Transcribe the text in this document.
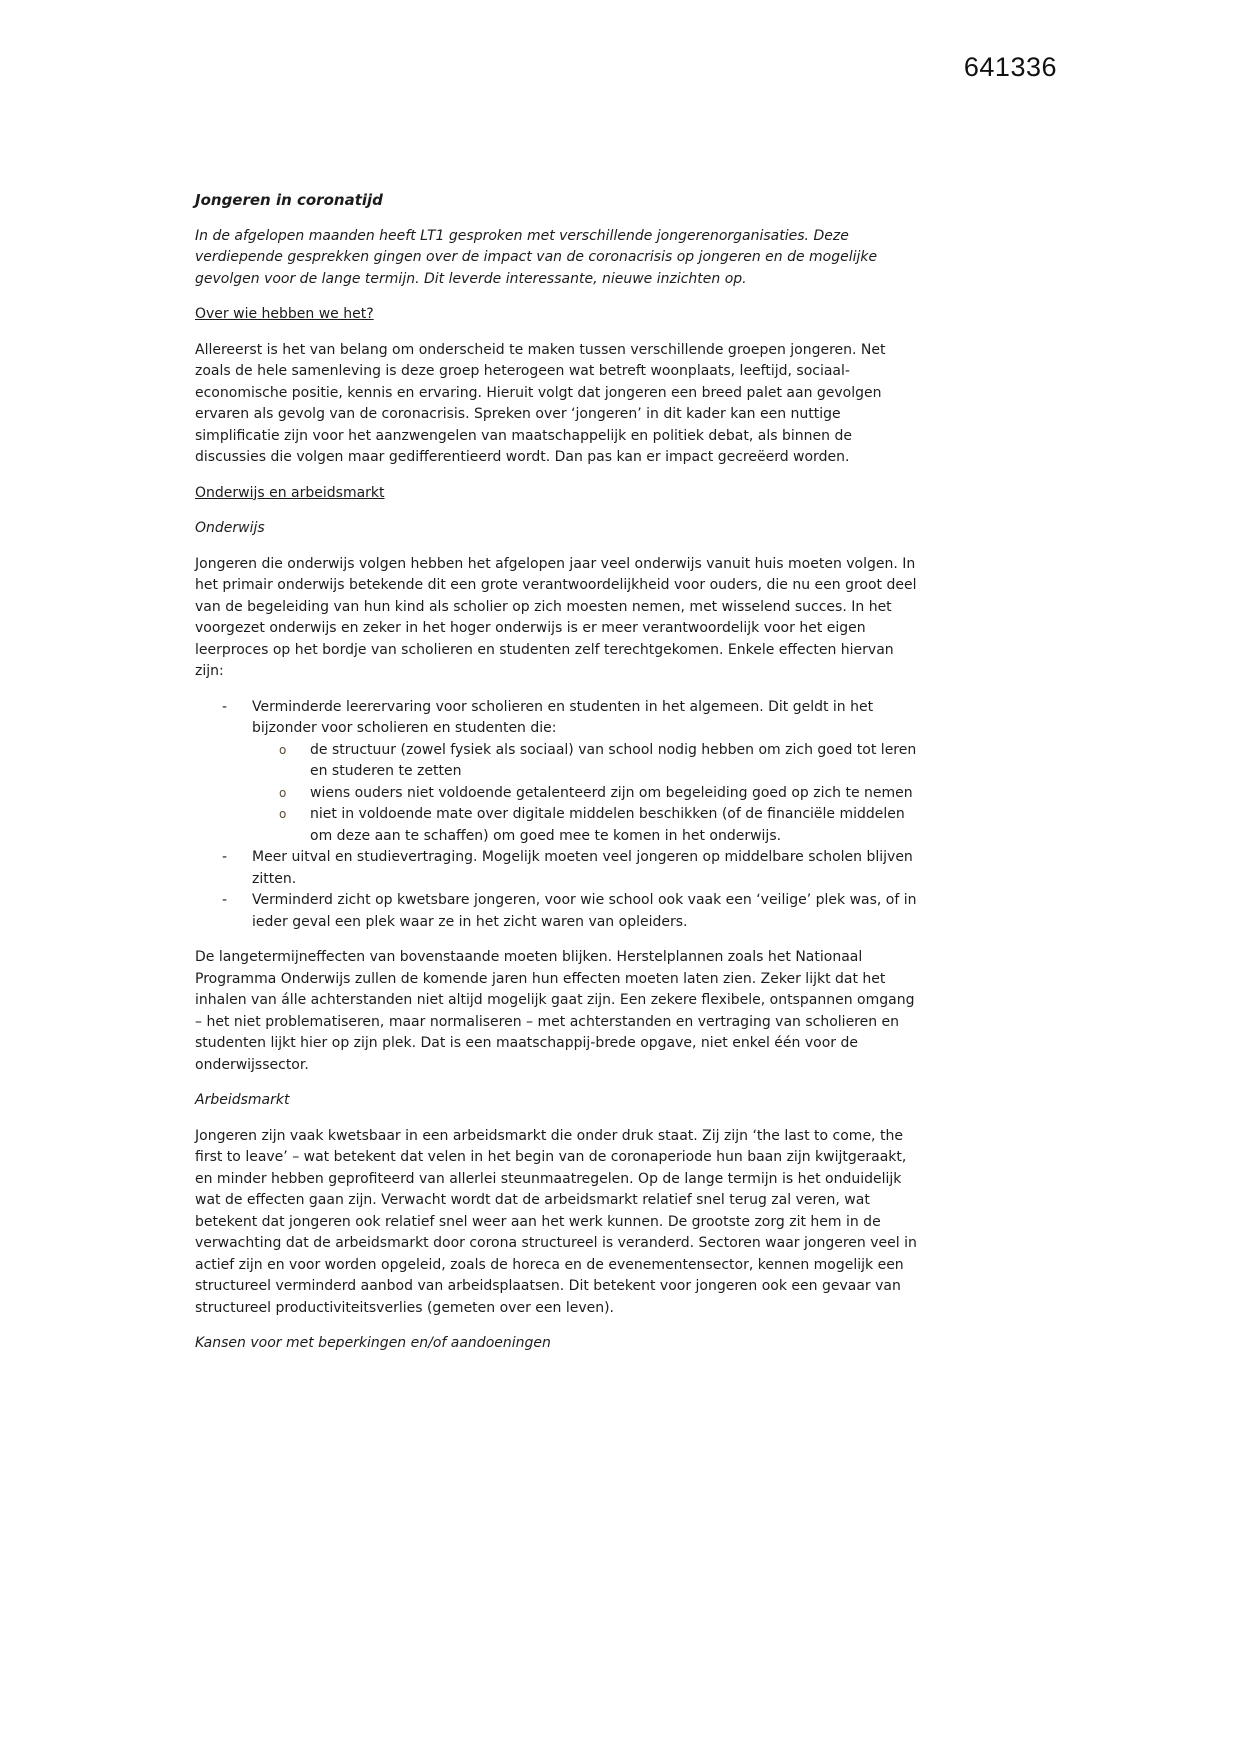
641336
Jongeren in coronatijd

In de afgelopen maanden heeft LT1 gesproken met verschillende jongerenorganisaties. Deze verdiepende gesprekken gingen over de impact van de coronacrisis op jongeren en de mogelijke gevolgen voor de lange termijn. Dit leverde interessante, nieuwe inzichten op.

Over wie hebben we het?

Allereerst is het van belang om onderscheid te maken tussen verschillende groepen jongeren. Net zoals de hele samenleving is deze groep heterogeen wat betreft woonplaats, leeftijd, sociaal-economische positie, kennis en ervaring. Hieruit volgt dat jongeren een breed palet aan gevolgen ervaren als gevolg van de coronacrisis. Spreken over ‘jongeren’ in dit kader kan een nuttige simplificatie zijn voor het aanzwengelen van maatschappelijk en politiek debat, als binnen de discussies die volgen maar gedifferentieerd wordt. Dan pas kan er impact gecreëerd worden.

Onderwijs en arbeidsmarkt
Onderwijs

Jongeren die onderwijs volgen hebben het afgelopen jaar veel onderwijs vanuit huis moeten volgen. In het primair onderwijs betekende dit een grote verantwoordelijkheid voor ouders, die nu een groot deel van de begeleiding van hun kind als scholier op zich moesten nemen, met wisselend succes. In het voorgezet onderwijs en zeker in het hoger onderwijs is er meer verantwoordelijk voor het eigen leerproces op het bordje van scholieren en studenten zelf terechtgekomen. Enkele effecten hiervan zijn:

-	Verminderde leerervaring voor scholieren en studenten in het algemeen. Dit geldt in het bijzonder voor scholieren en studenten die:
o	de structuur (zowel fysiek als sociaal) van school nodig hebben om zich goed tot leren en studeren te zetten
o	wiens ouders niet voldoende getalenteerd zijn om begeleiding goed op zich te nemen
o	niet in voldoende mate over digitale middelen beschikken (of de financiële middelen om deze aan te schaffen) om goed mee te komen in het onderwijs.
-	Meer uitval en studievertraging. Mogelijk moeten veel jongeren op middelbare scholen blijven zitten.
-	Verminderd zicht op kwetsbare jongeren, voor wie school ook vaak een ‘veilige’ plek was, of in ieder geval een plek waar ze in het zicht waren van opleiders.

De langetermijneffecten van bovenstaande moeten blijken. Herstelplannen zoals het Nationaal Programma Onderwijs zullen de komende jaren hun effecten moeten laten zien. Zeker lijkt dat het inhalen van álle achterstanden niet altijd mogelijk gaat zijn. Een zekere flexibele, ontspannen omgang – het niet problematiseren, maar normaliseren – met achterstanden en vertraging van scholieren en studenten lijkt hier op zijn plek. Dat is een maatschappij-brede opgave, niet enkel één voor de onderwijssector.

Arbeidsmarkt

Jongeren zijn vaak kwetsbaar in een arbeidsmarkt die onder druk staat. Zij zijn ‘the last to come, the first to leave’ – wat betekent dat velen in het begin van de coronaperiode hun baan zijn kwijtgeraakt, en minder hebben geprofiteerd van allerlei steunmaatregelen. Op de lange termijn is het onduidelijk wat de effecten gaan zijn. Verwacht wordt dat de arbeidsmarkt relatief snel terug zal veren, wat betekent dat jongeren ook relatief snel weer aan het werk kunnen. De grootste zorg zit hem in de verwachting dat de arbeidsmarkt door corona structureel is veranderd. Sectoren waar jongeren veel in actief zijn en voor worden opgeleid, zoals de horeca en de evenementensector, kennen mogelijk een structureel verminderd aanbod van arbeidsplaatsen. Dit betekent voor jongeren ook een gevaar van structureel productiviteitsverlies (gemeten over een leven).

Kansen voor met beperkingen en/of aandoeningen
